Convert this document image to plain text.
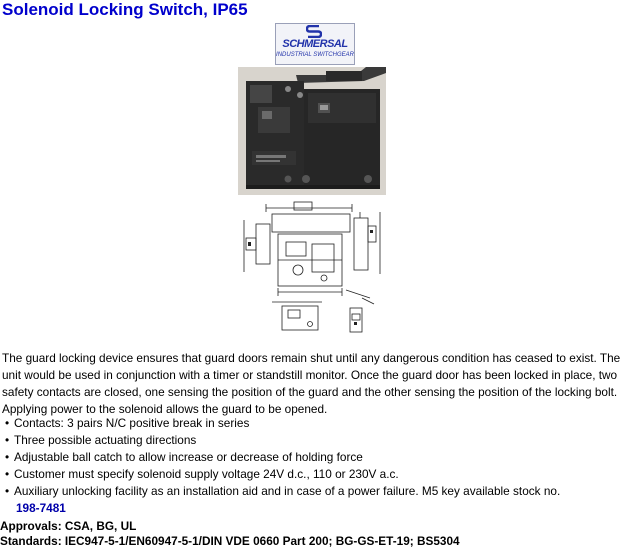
Solenoid Locking Switch, IP65
SCHMERSAL
INDUSTRIAL SWITCHGEAR

The guard locking device ensures that guard doors remain shut until any dangerous condition has ceased to exist. The unit would be used in conjunction with a timer or standstill monitor. Once the guard door has been locked in place, two safety contacts are closed, one sensing the position of the guard and the other sensing the position of the locking bolt. Applying power to the solenoid allows the guard to be opened.

• Contacts: 3 pairs N/C positive break in series
• Three possible actuating directions
• Adjustable ball catch to allow increase or decrease of holding force
• Customer must specify solenoid supply voltage 24V d.c., 110 or 230V a.c.
• Auxiliary unlocking facility as an installation aid and in case of a power failure. M5 key available stock no.
198-7481
Approvals: CSA, BG, UL
Standards: IEC947-5-1/EN60947-5-1/DIN VDE 0660 Part 200; BG-GS-ET-19; BS5304
